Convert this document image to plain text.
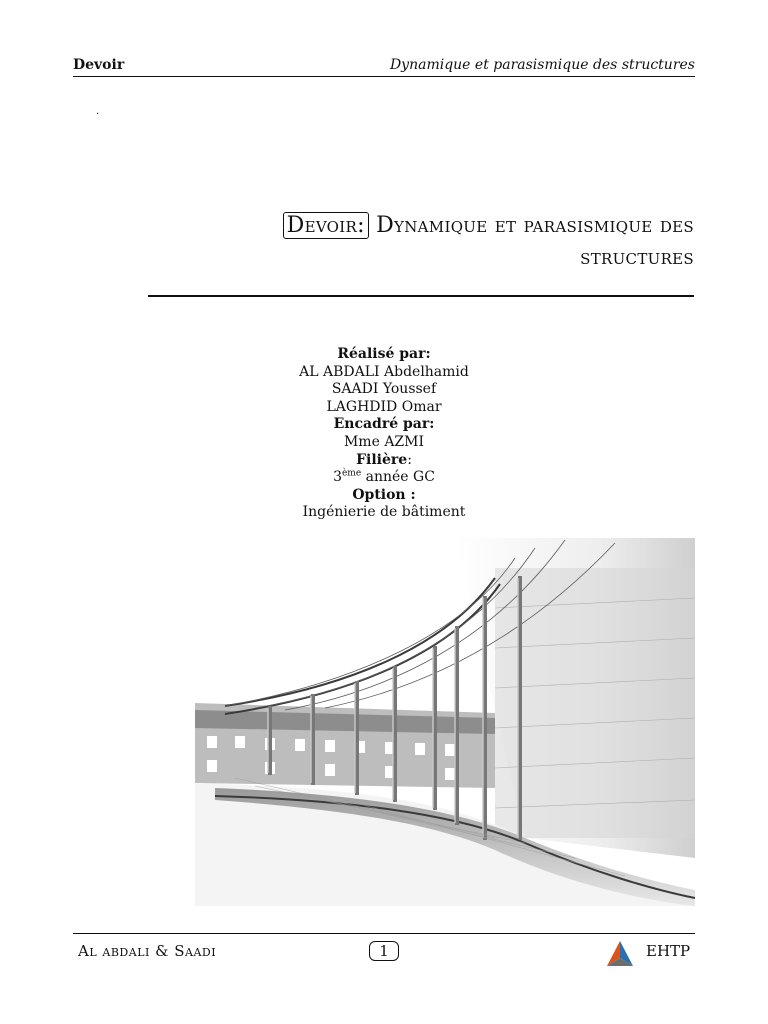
Devoir	Dynamique et parasismique des structures
.
Devoir: Dynamique et parasismique des
structures
Réalisé par:
AL ABDALI Abdelhamid
SAADI Youssef
LAGHDID Omar
Encadré par:
Mme AZMI
Filière:
3ème année GC
Option :
Ingénierie de bâtiment
Al abdali & Saadi	1	EHTP
